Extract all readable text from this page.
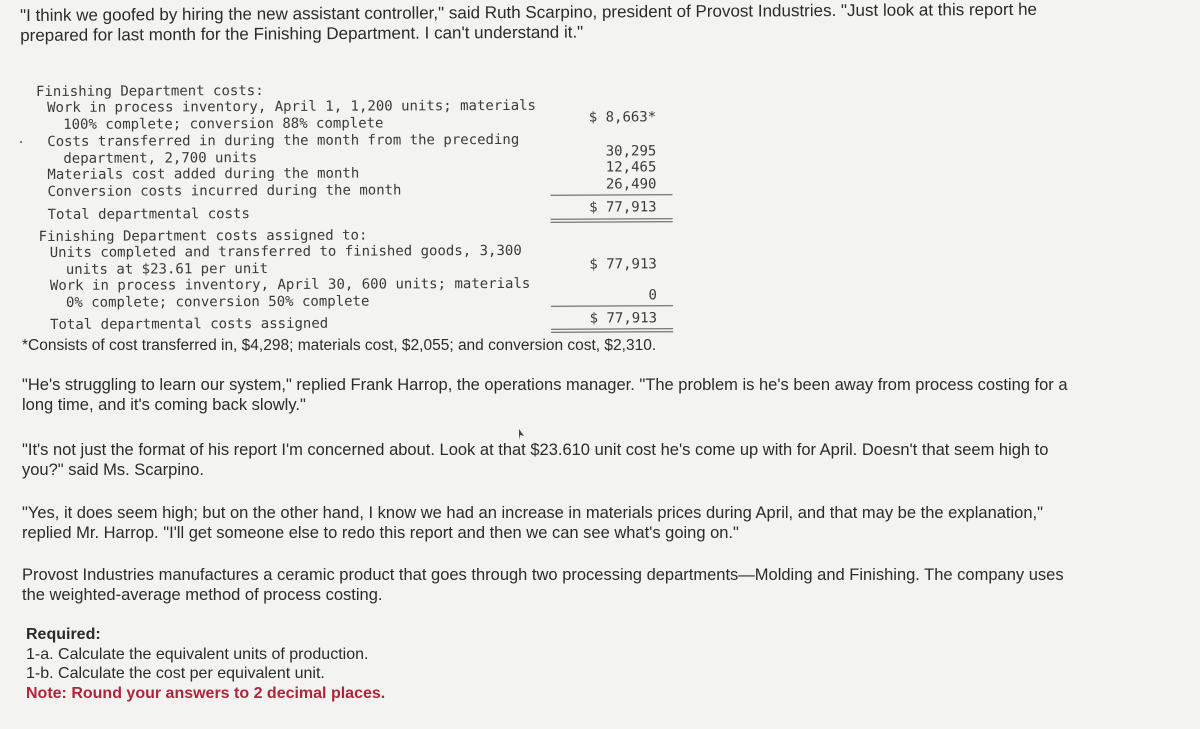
"I think we goofed by hiring the new assistant controller," said Ruth Scarpino, president of Provost Industries. "Just look at this report he prepared for last month for the Finishing Department. I can't understand it."

Finishing Department costs:
Work in process inventory, April 1, 1,200 units; materials
100% complete; conversion 88% complete	$ 8,663*
Costs transferred in during the month from the preceding
department, 2,700 units	30,295
Materials cost added during the month	12,465
Conversion costs incurred during the month	26,490
Total departmental costs	$ 77,913
Finishing Department costs assigned to:
Units completed and transferred to finished goods, 3,300
units at $23.61 per unit	$ 77,913
Work in process inventory, April 30, 600 units; materials
0% complete; conversion 50% complete	0
Total departmental costs assigned	$ 77,913
*Consists of cost transferred in, $4,298; materials cost, $2,055; and conversion cost, $2,310.

"He's struggling to learn our system," replied Frank Harrop, the operations manager. "The problem is he's been away from process costing for a long time, and it's coming back slowly."

"It's not just the format of his report I'm concerned about. Look at that $23.610 unit cost he's come up with for April. Doesn't that seem high to you?" said Ms. Scarpino.

"Yes, it does seem high; but on the other hand, I know we had an increase in materials prices during April, and that may be the explanation," replied Mr. Harrop. "I'll get someone else to redo this report and then we can see what's going on."

Provost Industries manufactures a ceramic product that goes through two processing departments—Molding and Finishing. The company uses the weighted-average method of process costing.

Required:
1-a. Calculate the equivalent units of production.
1-b. Calculate the cost per equivalent unit.
Note: Round your answers to 2 decimal places.
